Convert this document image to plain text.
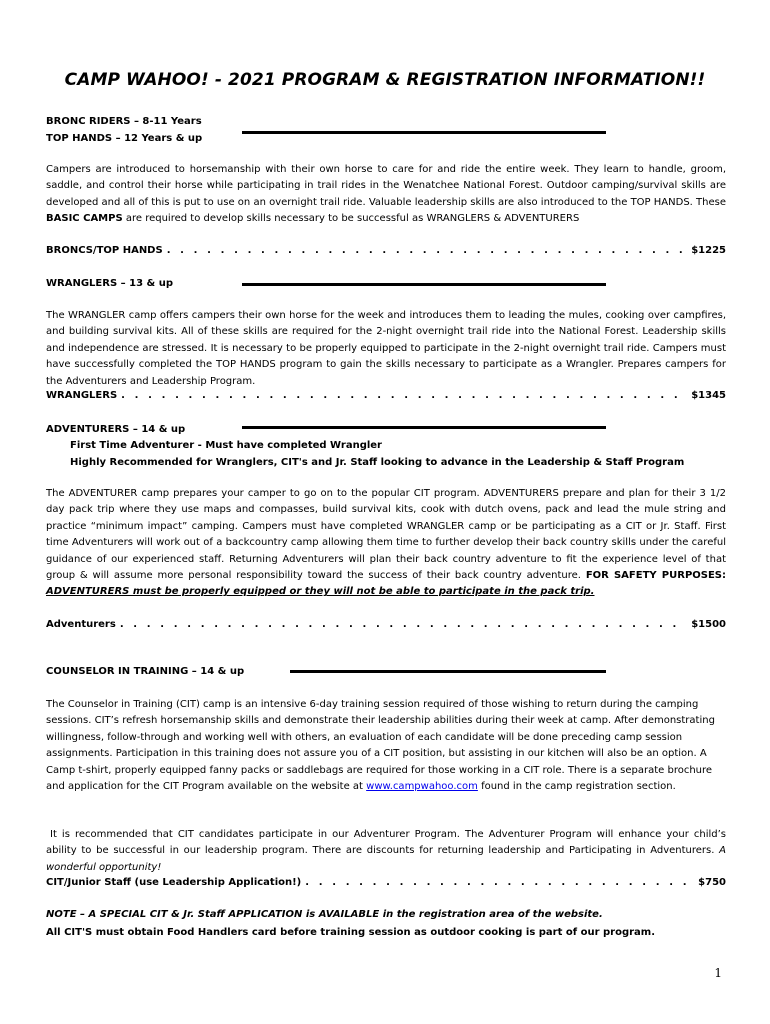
CAMP WAHOO! - 2021 PROGRAM & REGISTRATION INFORMATION!!
BRONC RIDERS – 8-11 Years
TOP HANDS – 12 Years & up
Campers are introduced to horsemanship with their own horse to care for and ride the entire week. They learn to handle, groom, saddle, and control their horse while participating in trail rides in the Wenatchee National Forest. Outdoor camping/survival skills are developed and all of this is put to use on an overnight trail ride. Valuable leadership skills are also introduced to the TOP HANDS. These BASIC CAMPS are required to develop skills necessary to be successful as WRANGLERS & ADVENTURERS
BRONCS/TOP HANDS . . .	$1225
WRANGLERS – 13 & up
The WRANGLER camp offers campers their own horse for the week and introduces them to leading the mules, cooking over campfires, and building survival kits. All of these skills are required for the 2-night overnight trail ride into the National Forest. Leadership skills and independence are stressed. It is necessary to be properly equipped to participate in the 2-night overnight trail ride. Campers must have successfully completed the TOP HANDS program to gain the skills necessary to participate as a Wrangler. Prepares campers for the Adventurers and Leadership Program.
WRANGLERS . . .	$1345
ADVENTURERS – 14 & up
First Time Adventurer - Must have completed Wrangler
Highly Recommended for Wranglers, CIT's and Jr. Staff looking to advance in the Leadership & Staff Program
The ADVENTURER camp prepares your camper to go on to the popular CIT program. ADVENTURERS prepare and plan for their 3 1/2 day pack trip where they use maps and compasses, build survival kits, cook with dutch ovens, pack and lead the mule string and practice “minimum impact” camping. Campers must have completed WRANGLER camp or be participating as a CIT or Jr. Staff. First time Adventurers will work out of a backcountry camp allowing them time to further develop their back country skills under the careful guidance of our experienced staff. Returning Adventurers will plan their back country adventure to fit the experience level of that group & will assume more personal responsibility toward the success of their back country adventure. FOR SAFETY PURPOSES: ADVENTURERS must be properly equipped or they will not be able to participate in the pack trip.
Adventurers . . .	$1500
COUNSELOR IN TRAINING – 14 & up
The Counselor in Training (CIT) camp is an intensive 6-day training session required of those wishing to return during the camping sessions. CIT’s refresh horsemanship skills and demonstrate their leadership abilities during their week at camp. After demonstrating willingness, follow-through and working well with others, an evaluation of each candidate will be done preceding camp session assignments. Participation in this training does not assure you of a CIT position, but assisting in our kitchen will also be an option. A Camp t-shirt, properly equipped fanny packs or saddlebags are required for those working in a CIT role. There is a separate brochure and application for the CIT Program available on the website at www.campwahoo.com found in the camp registration section.
It is recommended that CIT candidates participate in our Adventurer Program. The Adventurer Program will enhance your child’s ability to be successful in our leadership program. There are discounts for returning leadership and Participating in Adventurers. A wonderful opportunity!
CIT/Junior Staff (use Leadership Application!) . . .	$750
NOTE – A SPECIAL CIT & Jr. Staff APPLICATION is AVAILABLE in the registration area of the website.
All CIT'S must obtain Food Handlers card before training session as outdoor cooking is part of our program.
1
